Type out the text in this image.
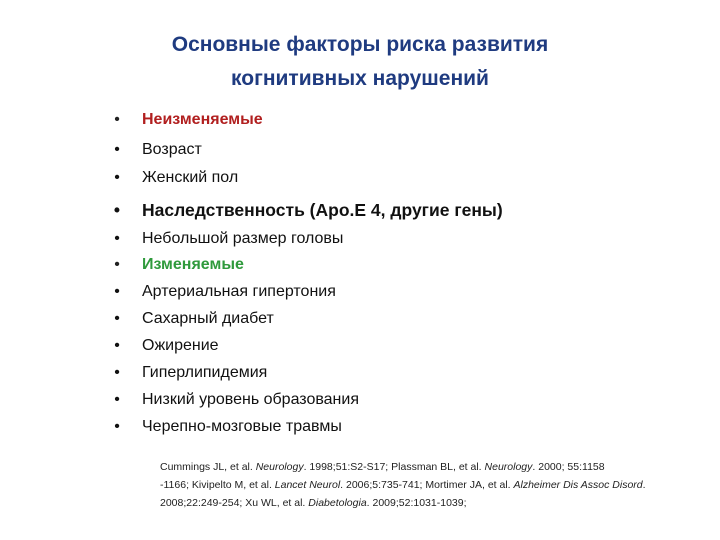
Основные факторы риска развития
когнитивных нарушений
• Неизменяемые
• Возраст
• Женский пол
• Наследственность (Apo.E 4, другие гены)
• Небольшой размер головы
• Изменяемые
• Артериальная гипертония
• Сахарный диабет
• Ожирение
• Гиперлипидемия
• Низкий уровень образования
• Черепно-мозговые травмы
Cummings JL, et al. Neurology. 1998;51:S2-S17; Plassman BL, et al. Neurology. 2000; 55:1158
-1166; Kivipelto M, et al. Lancet Neurol. 2006;5:735-741; Mortimer JA, et al. Alzheimer Dis Assoc Disord. 2008;22:249-254; Xu WL, et al. Diabetologia. 2009;52:1031-1039;
